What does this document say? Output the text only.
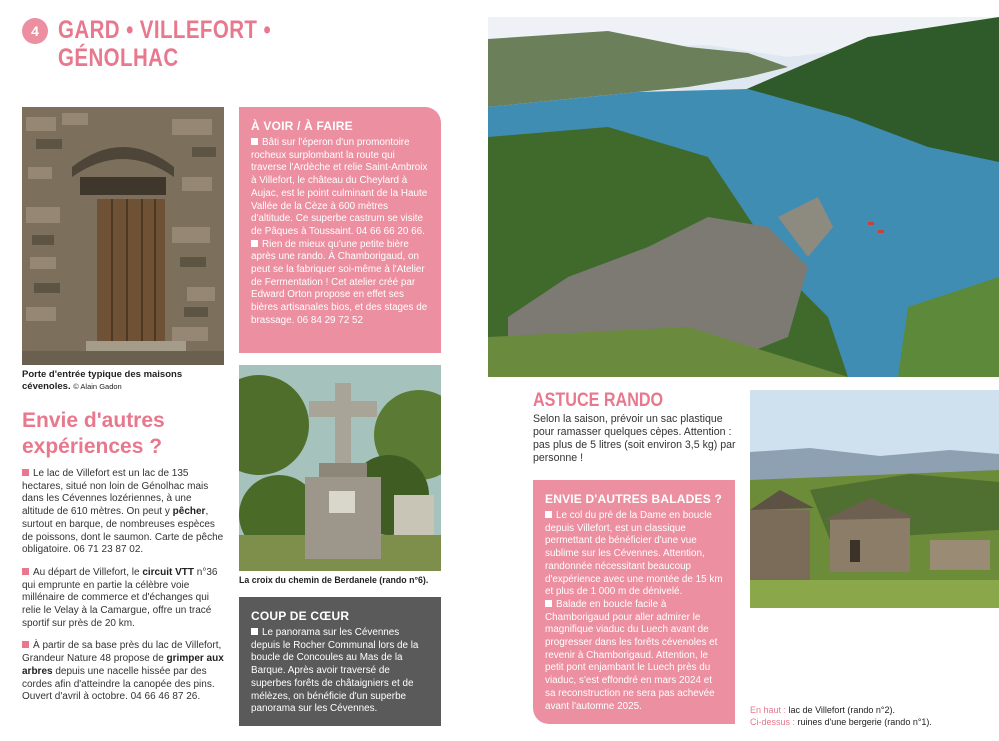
4 GARD • VILLEFORT •
GÉNOLHAC
Porte d'entrée typique des maisons cévenoles. © Alain Gadon
Envie d'autres
expériences ?

Le lac de Villefort est un lac de 135 hectares, situé non loin de Génolhac mais dans les Cévennes lozériennes, à une altitude de 610 mètres. On peut y pêcher, surtout en barque, de nombreuses espèces de poissons, dont le saumon. Carte de pêche obligatoire. 06 71 23 87 02.

Au départ de Villefort, le circuit VTT n°36 qui emprunte en partie la célèbre voie millénaire de commerce et d'échanges qui relie le Velay à la Camargue, offre un tracé sportif sur près de 20 km.

À partir de sa base près du lac de Villefort, Grandeur Nature 48 propose de grimper aux arbres depuis une nacelle hissée par des cordes afin d'atteindre la canopée des pins. Ouvert d'avril à octobre. 04 66 46 87 26.

À VOIR / À FAIRE
Bâti sur l'éperon d'un promontoire rocheux surplombant la route qui traverse l'Ardèche et relie Saint-Ambroix à Villefort, le château du Cheylard à Aujac, est le point culminant de la Haute Vallée de la Cèze à 600 mètres d'altitude. Ce superbe castrum se visite de Pâques à Toussaint. 04 66 66 20 66.
Rien de mieux qu'une petite bière après une rando. À Chamborigaud, on peut se la fabriquer soi-même à l'Atelier de Fermentation ! Cet atelier créé par Edward Orton propose en effet ses bières artisanales bios, et des stages de brassage. 06 84 29 72 52
La croix du chemin de Berdanele (rando n°6).
COUP DE CŒUR
Le panorama sur les Cévennes depuis le Rocher Communal lors de la boucle de Concoules au Mas de la Barque. Après avoir traversé de superbes forêts de châtaigniers et de mélèzes, on bénéficie d'un superbe panorama sur les Cévennes.
ASTUCE RANDO
Selon la saison, prévoir un sac plastique pour ramasser quelques cèpes. Attention : pas plus de 5 litres (soit environ 3,5 kg) par personne !
ENVIE D'AUTRES BALADES ?
Le col du pré de la Dame en boucle depuis Villefort, est un classique permettant de bénéficier d'une vue sublime sur les Cévennes. Attention, randonnée nécessitant beaucoup d'expérience avec une montée de 15 km et plus de 1 000 m de dénivelé.
Balade en boucle facile à Chamborigaud pour aller admirer le magnifique viaduc du Luech avant de progresser dans les forêts cévenoles et revenir à Chamborigaud. Attention, le petit pont enjambant le Luech près du viaduc, s'est effondré en mars 2024 et sa reconstruction ne sera pas achevée avant l'automne 2025.	En haut : lac de Villefort (rando n°2).
Ci-dessus : ruines d'une bergerie (rando n°1).
